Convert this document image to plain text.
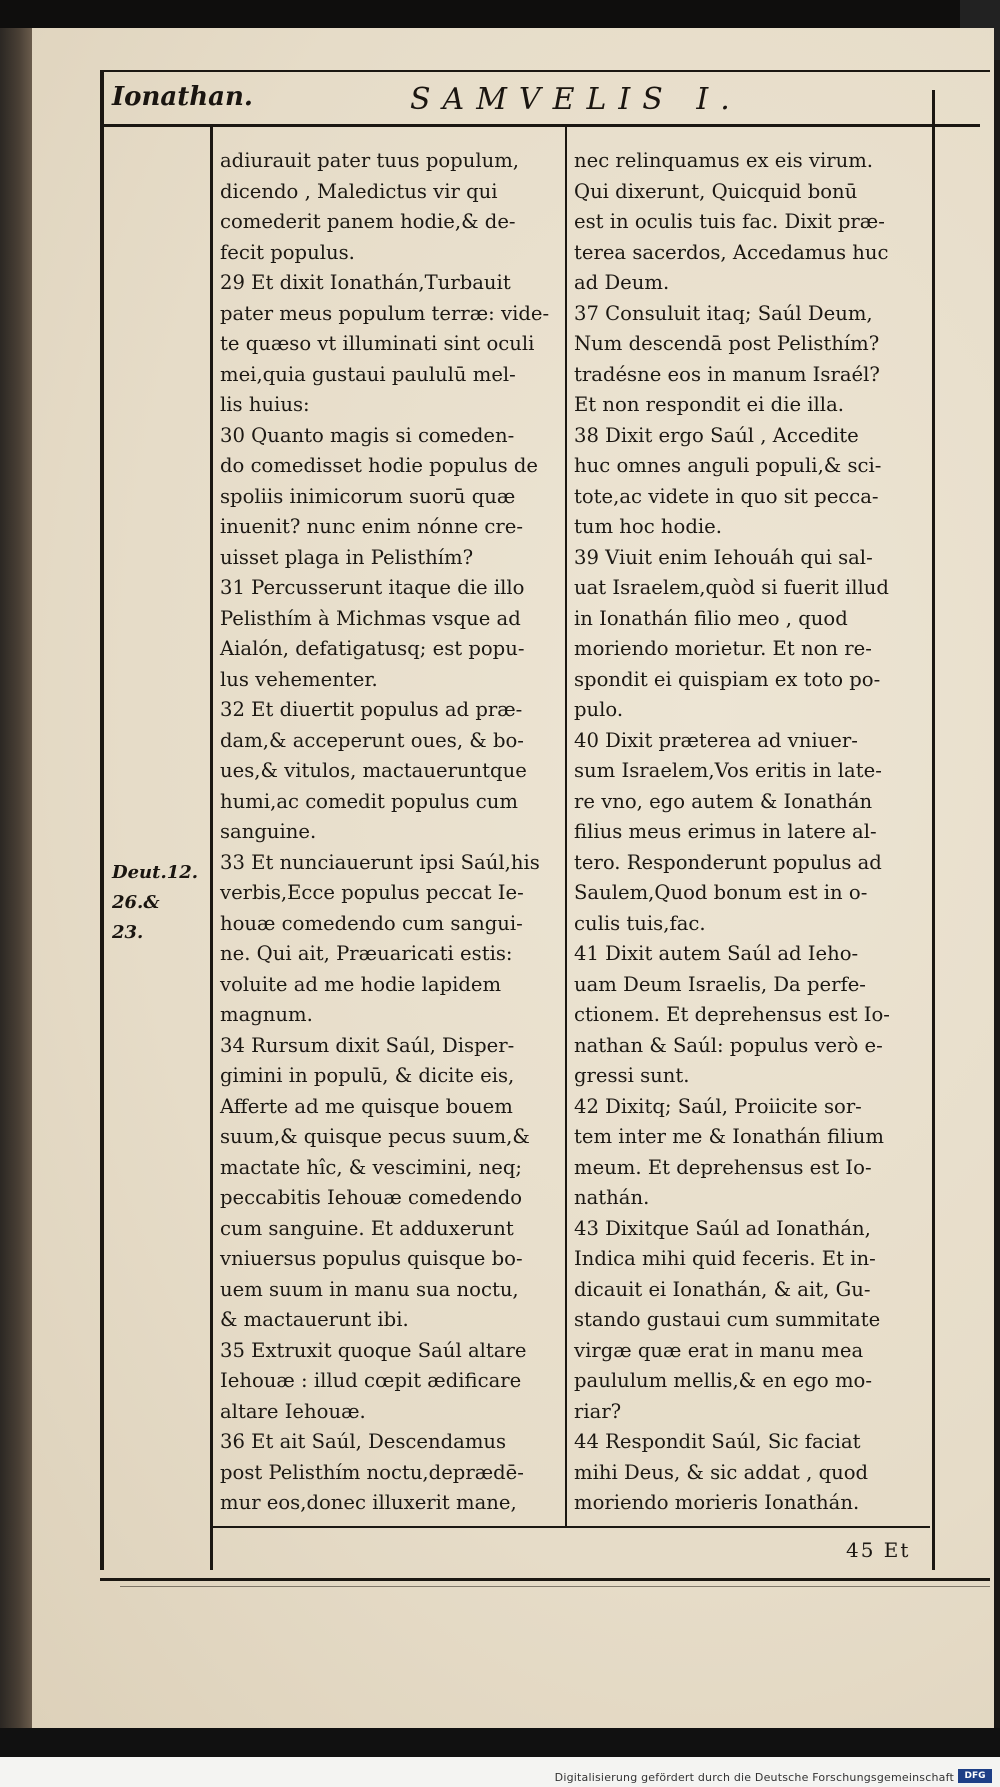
Ionathan.	SAMVELIS I.
Deut.12.
26.&
23.
adiurauit pater tuus populum,
dicendo , Maledictus vir qui
comederit panem hodie,& de-
fecit populus.
29 Et dixit Ionathán,Turbauit
pater meus populum terræ: vide-
te quæso vt illuminati sint oculi
mei,quia gustaui paululū mel-
lis huius:
30 Quanto magis si comeden-
do comedisset hodie populus de
spoliis inimicorum suorū quæ
inuenit? nunc enim nónne cre-
uisset plaga in Pelisthím?
31 Percusserunt itaque die illo
Pelisthím à Michmas vsque ad
Aialón, defatigatusq; est popu-
lus vehementer.
32 Et diuertit populus ad præ-
dam,& acceperunt oues, & bo-
ues,& vitulos, mactaueruntque
humi,ac comedit populus cum
sanguine.
33 Et nunciauerunt ipsi Saúl,his
verbis,Ecce populus peccat Ie-
houæ comedendo cum sangui-
ne. Qui ait, Præuaricati estis:
voluite ad me hodie lapidem
magnum.
34 Rursum dixit Saúl, Disper-
gimini in populū, & dicite eis,
Afferte ad me quisque bouem
suum,& quisque pecus suum,&
mactate hîc, & vescimini, neq;
peccabitis Iehouæ comedendo
cum sanguine. Et adduxerunt
vniuersus populus quisque bo-
uem suum in manu sua noctu,
& mactauerunt ibi.
35 Extruxit quoque Saúl altare
Iehouæ : illud cœpit ædificare
altare Iehouæ.
36 Et ait Saúl, Descendamus
post Pelisthím noctu,deprædē-
mur eos,donec illuxerit mane,
nec relinquamus ex eis virum.
Qui dixerunt, Quicquid bonū
est in oculis tuis fac. Dixit præ-
terea sacerdos, Accedamus huc
ad Deum.
37 Consuluit itaq; Saúl Deum,
Num descendā post Pelisthím?
tradésne eos in manum Israél?
Et non respondit ei die illa.
38 Dixit ergo Saúl , Accedite
huc omnes anguli populi,& sci-
tote,ac videte in quo sit pecca-
tum hoc hodie.
39 Viuit enim Iehouáh qui sal-
uat Israelem,quòd si fuerit illud
in Ionathán filio meo , quod
moriendo morietur. Et non re-
spondit ei quispiam ex toto po-
pulo.
40 Dixit præterea ad vniuer-
sum Israelem,Vos eritis in late-
re vno, ego autem & Ionathán
filius meus erimus in latere al-
tero. Responderunt populus ad
Saulem,Quod bonum est in o-
culis tuis,fac.
41 Dixit autem Saúl ad Ieho-
uam Deum Israelis, Da perfe-
ctionem. Et deprehensus est Io-
nathan & Saúl: populus verò e-
gressi sunt.
42 Dixitq; Saúl, Proiicite sor-
tem inter me & Ionathán filium
meum. Et deprehensus est Io-
nathán.
43 Dixitque Saúl ad Ionathán,
Indica mihi quid feceris. Et in-
dicauit ei Ionathán, & ait, Gu-
stando gustaui cum summitate
virgæ quæ erat in manu mea
paululum mellis,& en ego mo-
riar?
44 Respondit Saúl, Sic faciat
mihi Deus, & sic addat , quod
moriendo morieris Ionathán.
45 Et
Digitalisierung gefördert durch die Deutsche Forschungsgemeinschaft	DFG
